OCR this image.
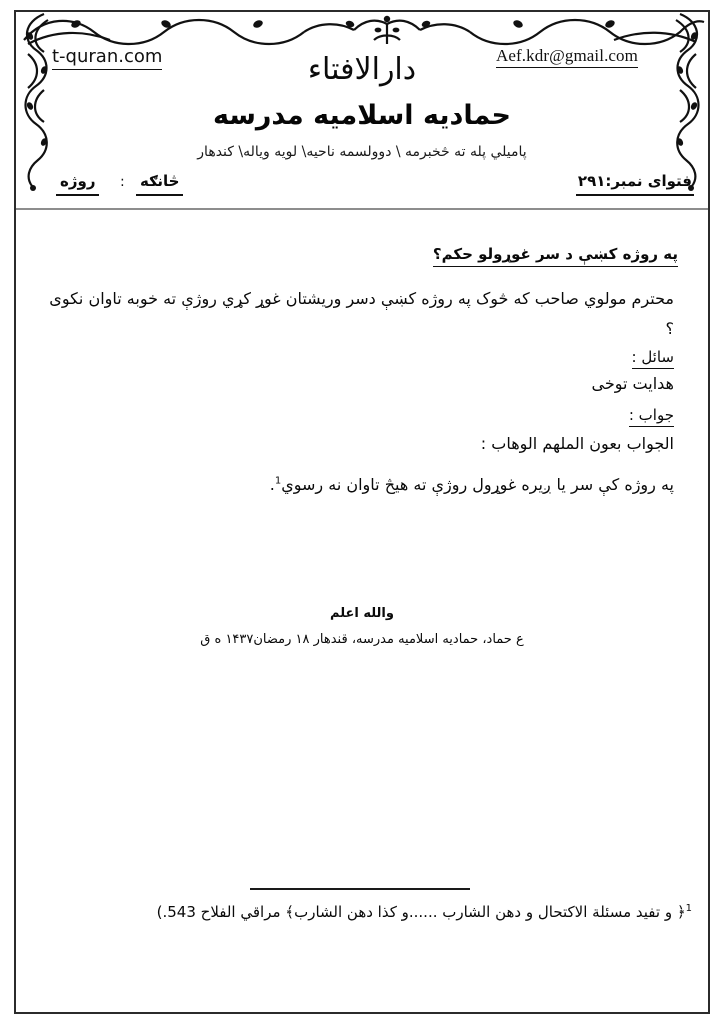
t-quran.com	Aef.kdr@gmail.com
دارالافتاء
حمادیه اسلامیه مدرسه
پاميلي پله ته څخبرمه \ دوولسمه ناحيه\ لويه وياله\ كندهار
فتوای نمبر:۲۹۱
څانګه
:
روژه
په روژه کښې د سر غوړولو حکم؟
محترم مولوي صاحب که څوک په روژه کښې دسر وريشتان غوړ کړي روژې ته خوبه تاوان نکوی ؟
سائل :
هدایت توخی
جواب :
الجواب بعون الملهم الوهاب :
په روژه کې سر یا ږیره غوړول روژې ته هیڅ تاوان نه رسوي$^1$.
والله اعلم
ع حماد، حمادیه اسلامیه مدرسه، قندهار ۱۸ رمضان۱۴۳۷ ه ق
$^1$﴿ و تفید مسئلة الاکتحال و دهن الشارب ......و کذا دهن الشارب﴾ مراقي الفلاح 543.)
